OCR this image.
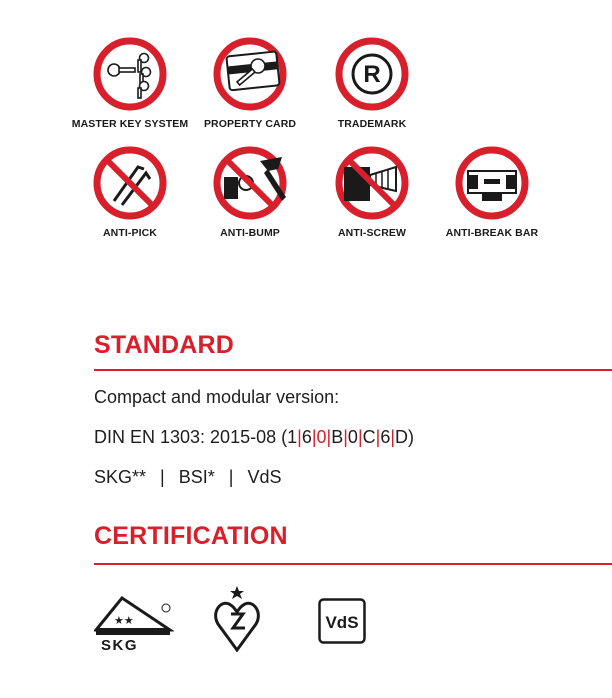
MASTER KEY SYSTEM	PROPERTY CARD
R
TRADEMARK
ANTI-PICK	ANTI-BUMP	ANTI-SCREW	ANTI-BREAK BAR
STANDARD
Compact and modular version:
DIN EN 1303: 2015-08 (1|6|0|B|0|C|6|D)
SKG** | BSI* | VdS
CERTIFICATION
★★
SKG
VdS
